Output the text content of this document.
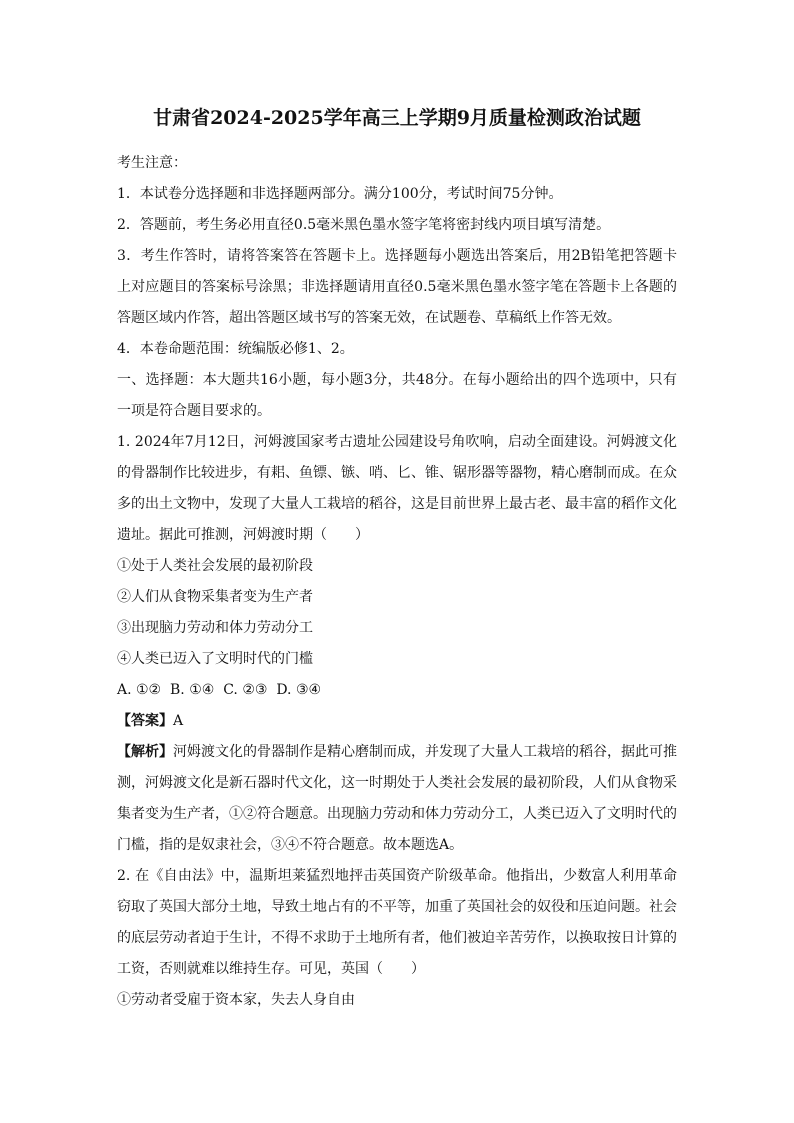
甘肃省2024-2025学年高三上学期9月质量检测政治试题

考生注意：

1．本试卷分选择题和非选择题两部分。满分100分，考试时间75分钟。

2．答题前，考生务必用直径0.5毫米黑色墨水签字笔将密封线内项目填写清楚。

3．考生作答时，请将答案答在答题卡上。选择题每小题选出答案后，用2B铅笔把答题卡上对应题目的答案标号涂黑；非选择题请用直径0.5毫米黑色墨水签字笔在答题卡上各题的答题区域内作答，超出答题区域书写的答案无效，在试题卷、草稿纸上作答无效。

4．本卷命题范围：统编版必修1、2。

一、选择题：本大题共16小题，每小题3分，共48分。在每小题给出的四个选项中，只有一项是符合题目要求的。

1. 2024年7月12日，河姆渡国家考古遗址公园建设号角吹响，启动全面建设。河姆渡文化的骨器制作比较进步，有耜、鱼镖、镞、哨、匕、锥、锯形器等器物，精心磨制而成。在众多的出土文物中，发现了大量人工栽培的稻谷，这是目前世界上最古老、最丰富的稻作文化遗址。据此可推测，河姆渡时期（　　）

①处于人类社会发展的最初阶段

②人们从食物采集者变为生产者

③出现脑力劳动和体力劳动分工

④人类已迈入了文明时代的门槛

A. ①②  B. ①④  C. ②③  D. ③④

【答案】A

【解析】河姆渡文化的骨器制作是精心磨制而成，并发现了大量人工栽培的稻谷，据此可推测，河姆渡文化是新石器时代文化，这一时期处于人类社会发展的最初阶段，人们从食物采集者变为生产者，①②符合题意。出现脑力劳动和体力劳动分工，人类已迈入了文明时代的门槛，指的是奴隶社会，③④不符合题意。故本题选A。

2. 在《自由法》中，温斯坦莱猛烈地抨击英国资产阶级革命。他指出，少数富人利用革命窃取了英国大部分土地，导致土地占有的不平等，加重了英国社会的奴役和压迫问题。社会的底层劳动者迫于生计，不得不求助于土地所有者，他们被迫辛苦劳作，以换取按日计算的工资，否则就难以维持生存。可见，英国（　　）

①劳动者受雇于资本家，失去人身自由
